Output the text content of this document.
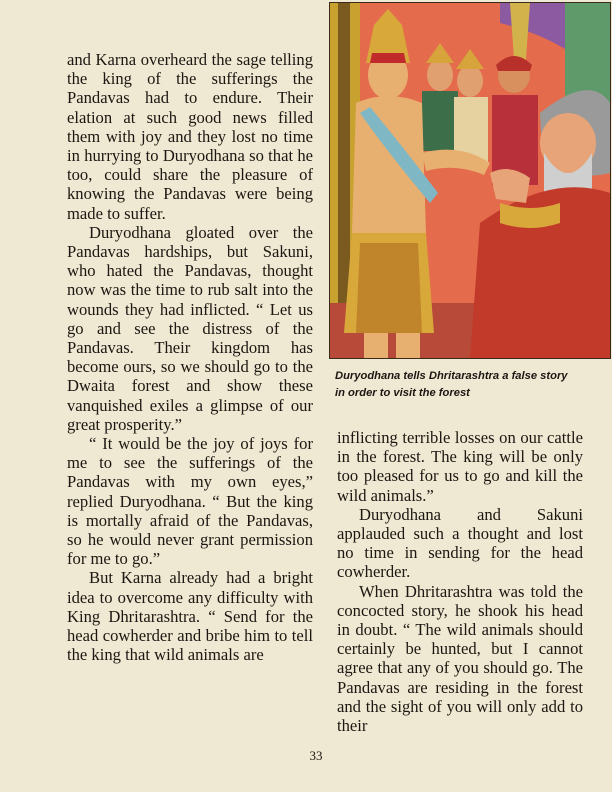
and Karna overheard the sage telling the king of the sufferings the Pandavas had to endure. Their elation at such good news filled them with joy and they lost no time in hurrying to Duryodhana so that he too, could share the pleasure of knowing the Pandavas were being made to suffer.

Duryodhana gloated over the Pandavas hardships, but Sakuni, who hated the Pandavas, thought now was the time to rub salt into the wounds they had inflicted. “ Let us go and see the distress of the Pandavas. Their kingdom has become ours, so we should go to the Dwaita forest and show these vanquished exiles a glimpse of our great prosperity.”

“ It would be the joy of joys for me to see the sufferings of the Pandavas with my own eyes,” replied Duryodhana. “ But the king is mortally afraid of the Pandavas, so he would never grant permission for me to go.”

But Karna already had a bright idea to overcome any difficulty with King Dhritarashtra. “ Send for the head cowherder and bribe him to tell the king that wild animals are

Duryodhana tells Dhritarashtra a false story in order to visit the forest

inflicting terrible losses on our cattle in the forest. The king will be only too pleased for us to go and kill the wild animals.”

Duryodhana and Sakuni applauded such a thought and lost no time in sending for the head cowherder.

When Dhritarashtra was told the concocted story, he shook his head in doubt. “ The wild animals should certainly be hunted, but I cannot agree that any of you should go. The Pandavas are residing in the forest and the sight of you will only add to their

33
